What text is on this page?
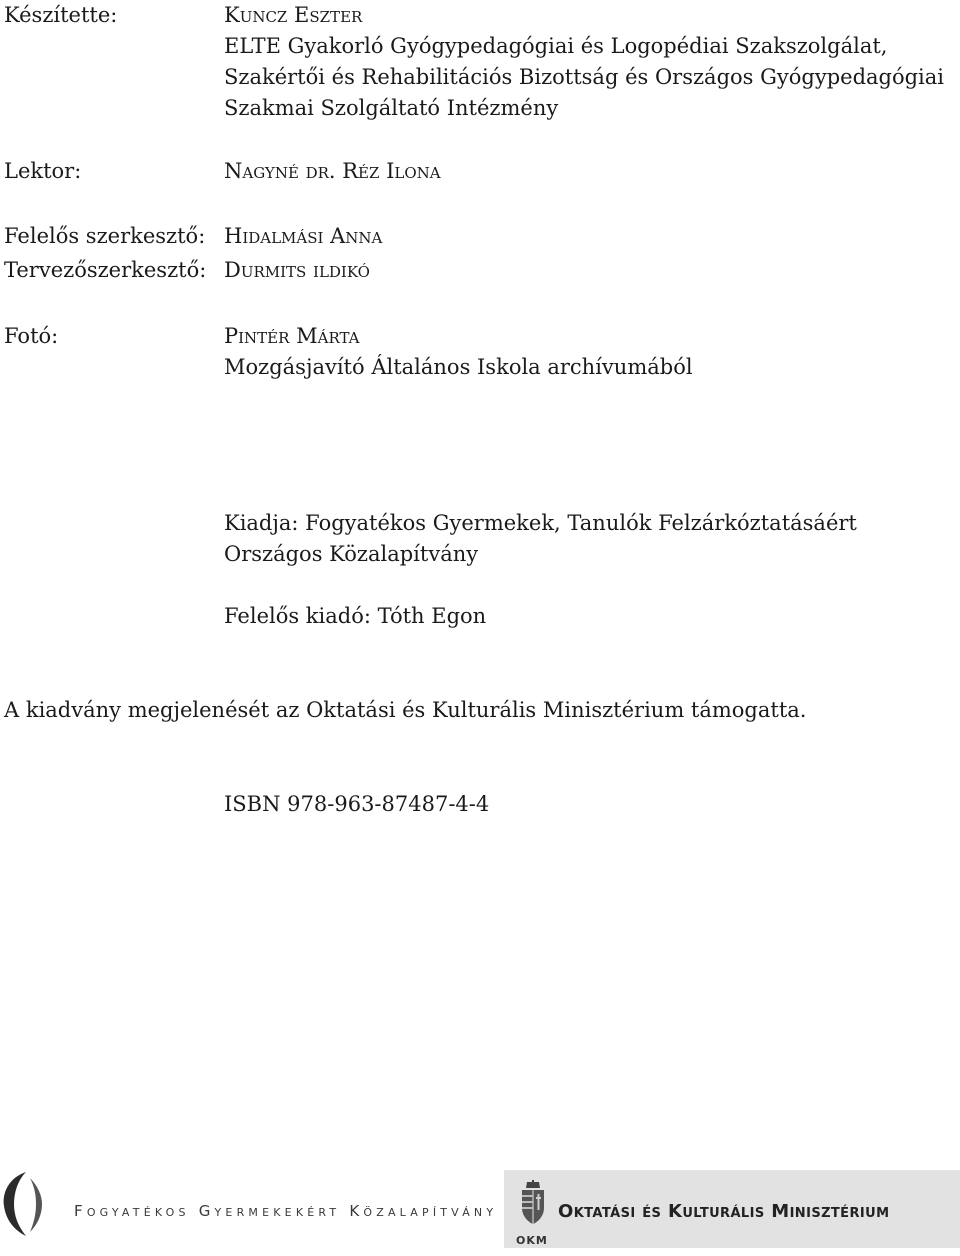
Készítette:	Kuncz Eszter
ELTE Gyakorló Gyógypedagógiai és Logopédiai Szakszolgálat,
Szakértői és Rehabilitációs Bizottság és Országos Gyógypedagógiai
Szakmai Szolgáltató Intézmény
Lektor:	Nagyné dr. Réz Ilona
Felelős szerkesztő: Hidalmási Anna
Tervezőszerkesztő: Durmits ildikó
Fotó:	Pintér Márta
Mozgásjavító Általános Iskola archívumából
Kiadja: Fogyatékos Gyermekek, Tanulók Felzárkóztatásáért
Országos Közalapítvány
Felelős kiadó: Tóth Egon
A kiadvány megjelenését az Oktatási és Kulturális Minisztérium támogatta.
ISBN 978-963-87487-4-4
Fogyatékos Gyermekekért Közalapítvány
OKM
Oktatási és Kulturális Minisztérium
